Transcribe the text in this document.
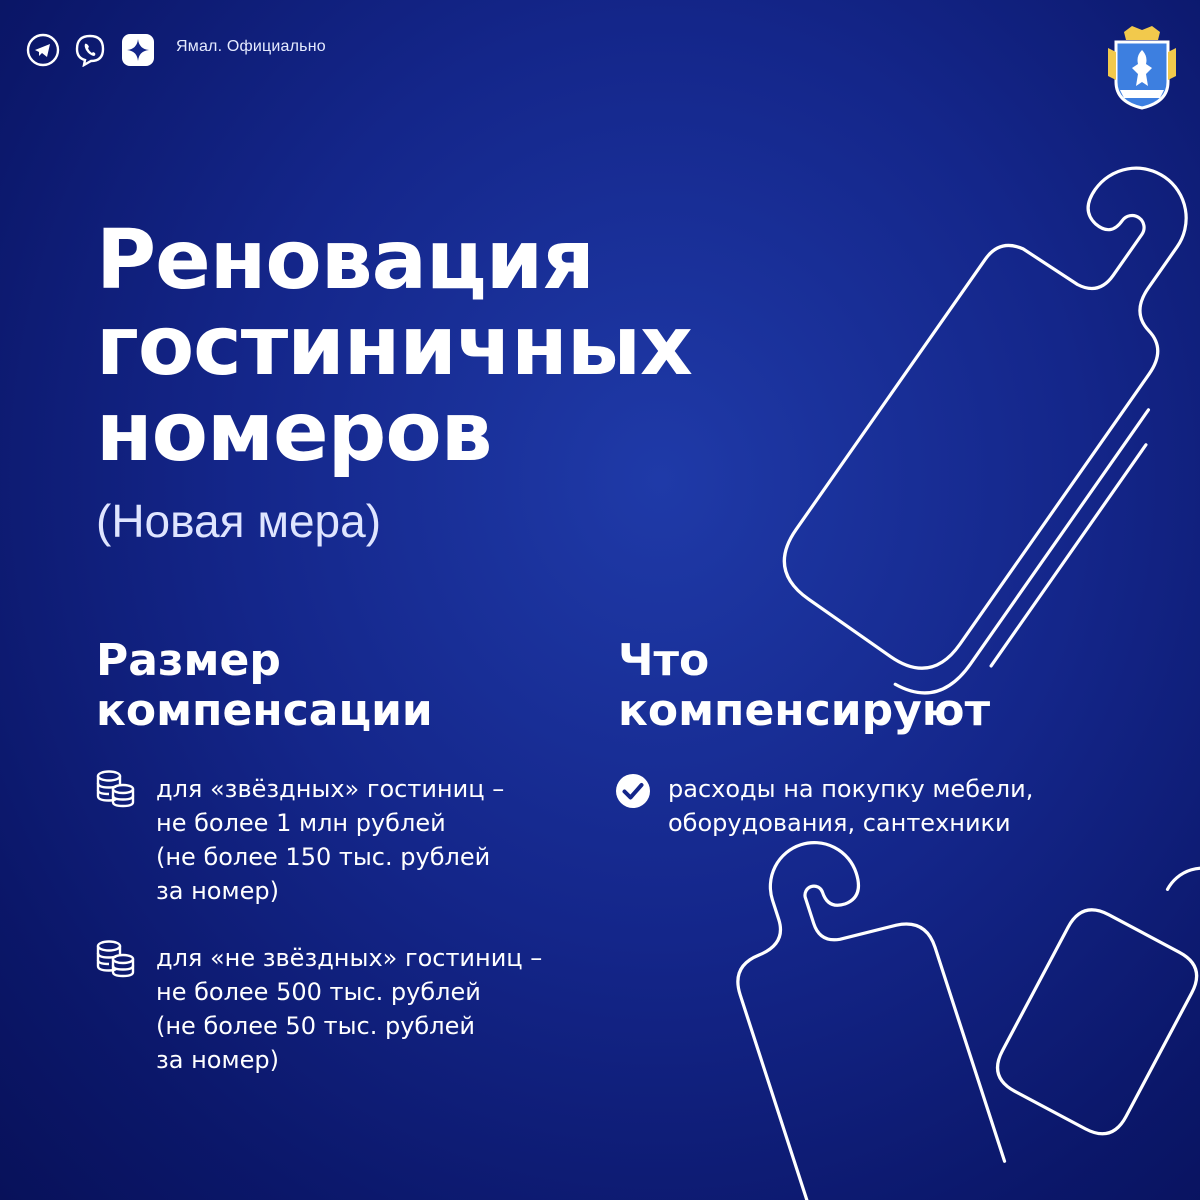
Ямал. Официально
Реновация
гостиничных
номеров
(Новая мера)
Размер
компенсации
для «звёздных» гостиниц –
не более 1 млн рублей
(не более 150 тыс. рублей
за номер)
для «не звёздных» гостиниц –
не более 500 тыс. рублей
(не более 50 тыс. рублей
за номер)
Что
компенсируют
расходы на покупку мебели,
оборудования, сантехники
